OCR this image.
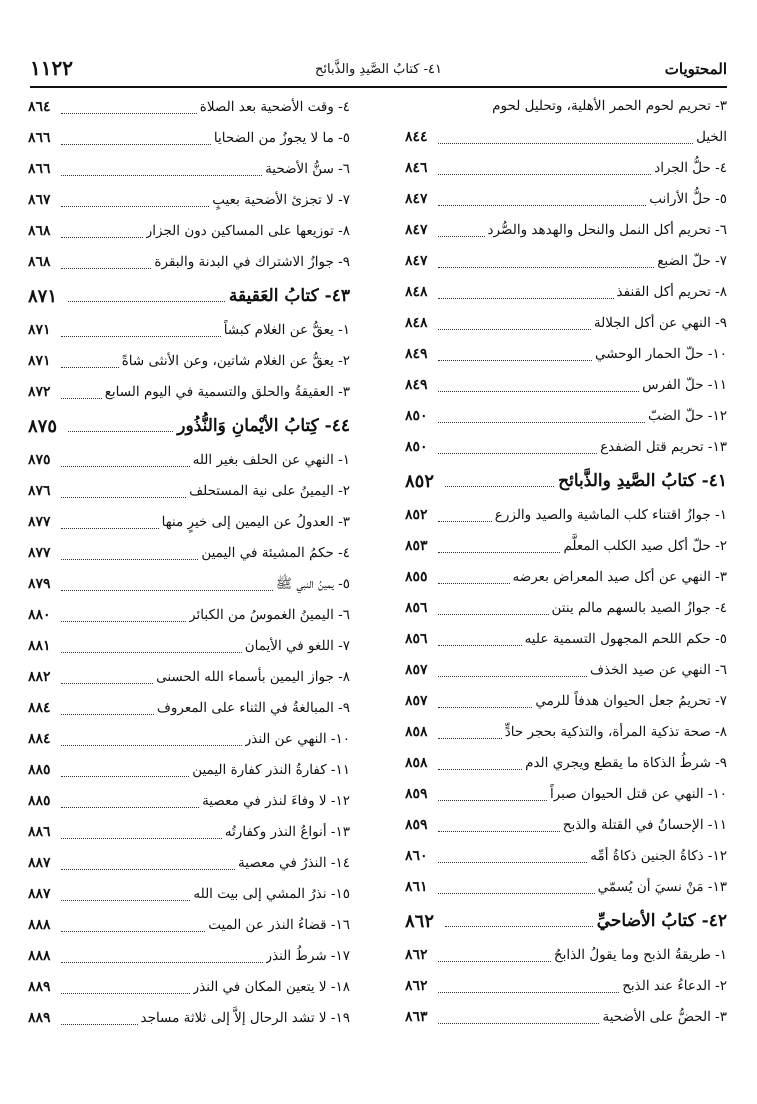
المحتويات
٤١- كتابُ الصَّيدِ والذَّبائح
١١٢٢
٣- تحريم لحوم الحمر الأهلية، وتحليل لحوم
الخيل
٨٤٤
٤- حلُّ الجراد
٨٤٦
٥- حلُّ الأرانب
٨٤٧
٦- تحريم أكل النمل والنحل والهدهد والصُّرد
٨٤٧
٧- حلّ الضبع
٨٤٧
٨- تحريم أكل القنفذ
٨٤٨
٩- النهي عن أكل الجلالة
٨٤٨
١٠- حلّ الحمار الوحشي
٨٤٩
١١- حلّ الفرس
٨٤٩
١٢- حلّ الضبّ
٨٥٠
١٣- تحريم قتل الضفدع
٨٥٠
٤١- كتابُ الصَّيدِ والذَّبائح
٨٥٢
١- جوازُ اقتناء كلب الماشية والصيد والزرع
٨٥٢
٢- حلّ أكل صيد الكلب المعلَّم
٨٥٣
٣- النهي عن أكل صيد المعراض بعرضه
٨٥٥
٤- جوازُ الصيد بالسهم مالم ينتن
٨٥٦
٥- حكم اللحم المجهول التسمية عليه
٨٥٦
٦- النهي عن صيد الخذف
٨٥٧
٧- تحريمُ جعل الحيوان هدفاً للرمي
٨٥٧
٨- صحة تذكية المرأة، والتذكية بحجر حادٍّ
٨٥٨
٩- شرطُ الذكاة ما يقطع ويجري الدم
٨٥٨
١٠- النهي عن قتل الحيوان صبراً
٨٥٩
١١- الإحسانُ في القتلة والذبح
٨٥٩
١٢- ذكاةُ الجنين ذكاةُ أمِّه
٨٦٠
١٣- مَنْ نسيَ أن يُسمّي
٨٦١
٤٢- كتابُ الأضاحيِّ
٨٦٢
١- طريقةُ الذبح وما يقولُ الذابحُ
٨٦٢
٢- الدعاءُ عند الذبح
٨٦٢
٣- الحضُّ على الأضحية
٨٦٣
٤- وقت الأضحية بعد الصلاة
٨٦٤
٥- ما لا يجوزُ من الضحايا
٨٦٦
٦- سنُّ الأضحية
٨٦٦
٧- لا تجزئ الأضحية بعيبٍ
٨٦٧
٨- توزيعها على المساكين دون الجزار
٨٦٨
٩- جوازُ الاشتراك في البدنة والبقرة
٨٦٨
٤٣- كتابُ العَقيقة
٨٧١
١- يعقُّ عن الغلام كبشاً
٨٧١
٢- يعقُّ عن الغلام شاتين، وعن الأنثى شاةً
٨٧١
٣- العقيقةُ والحلق والتسمية في اليوم السابع
٨٧٢
٤٤- كِتابُ الأيْمانِ وَالنُّذُور
٨٧٥
١- النهي عن الحلف بغير الله
٨٧٥
٢- اليمينُ على نية المستحلف
٨٧٦
٣- العدولُ عن اليمين إلى خيرٍ منها
٨٧٧
٤- حكمُ المشيئة في اليمين
٨٧٧
٥- يمينُ النبي ﷺ
٨٧٩
٦- اليمينُ الغموسُ من الكبائر
٨٨٠
٧- اللغو في الأيمان
٨٨١
٨- جواز اليمين بأسماء الله الحسنى
٨٨٢
٩- المبالغةُ في الثناء على المعروف
٨٨٤
١٠- النهي عن النذر
٨٨٤
١١- كفارةُ النذر كفارة اليمين
٨٨٥
١٢- لا وفاءَ لنذر في معصية
٨٨٥
١٣- أنواعُ النذر وكفارتُه
٨٨٦
١٤- النذرُ في معصية
٨٨٧
١٥- نذرُ المشي إلى بيت الله
٨٨٧
١٦- قضاءُ النذر عن الميت
٨٨٨
١٧- شرطُ النذر
٨٨٨
١٨- لا يتعين المكان في النذر
٨٨٩
١٩- لا تشد الرحال إلاَّ إلى ثلاثة مساجد
٨٨٩
